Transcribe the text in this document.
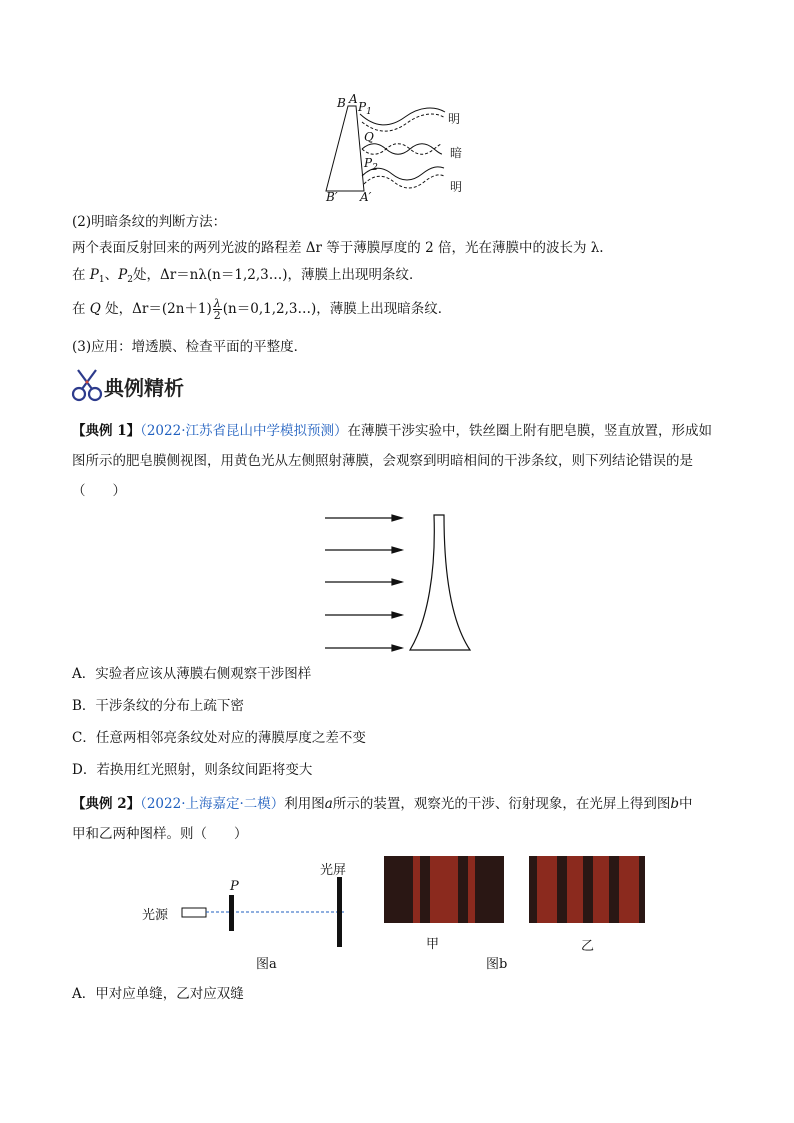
B A
$P_1$
Q
$P_2$
B′ A′
明
暗
明
(2)明暗条纹的判断方法：
两个表面反射回来的两列光波的路程差 Δr 等于薄膜厚度的 2 倍，光在薄膜中的波长为 λ.
在 $P_1$、$P_2$处，Δr＝nλ(n＝1,2,3…)，薄膜上出现明条纹．
在 Q 处，$\Delta r=(2n+1) \frac{\lambda}{2}$ (n＝0,1,2,3…)，薄膜上出现暗条纹．
(3)应用：增透膜、检查平面的平整度．
典例精析
【典例 1】（2022·江苏省昆山中学模拟预测）在薄膜干涉实验中，铁丝圈上附有肥皂膜，竖直放置，形成如图所示的肥皂膜侧视图，用黄色光从左侧照射薄膜，会观察到明暗相间的干涉条纹，则下列结论错误的是
（　　）
A．实验者应该从薄膜右侧观察干涉图样
B．干涉条纹的分布上疏下密
C．任意两相邻亮条纹处对应的薄膜厚度之差不变
D．若换用红光照射，则条纹间距将变大
【典例 2】（2022·上海嘉定·二模）利用图a所示的装置，观察光的干涉、衍射现象，在光屏上得到图b中
甲和乙两种图样。则（　　）
光源
P
光屏
图a
甲	乙
图b
A．甲对应单缝，乙对应双缝
